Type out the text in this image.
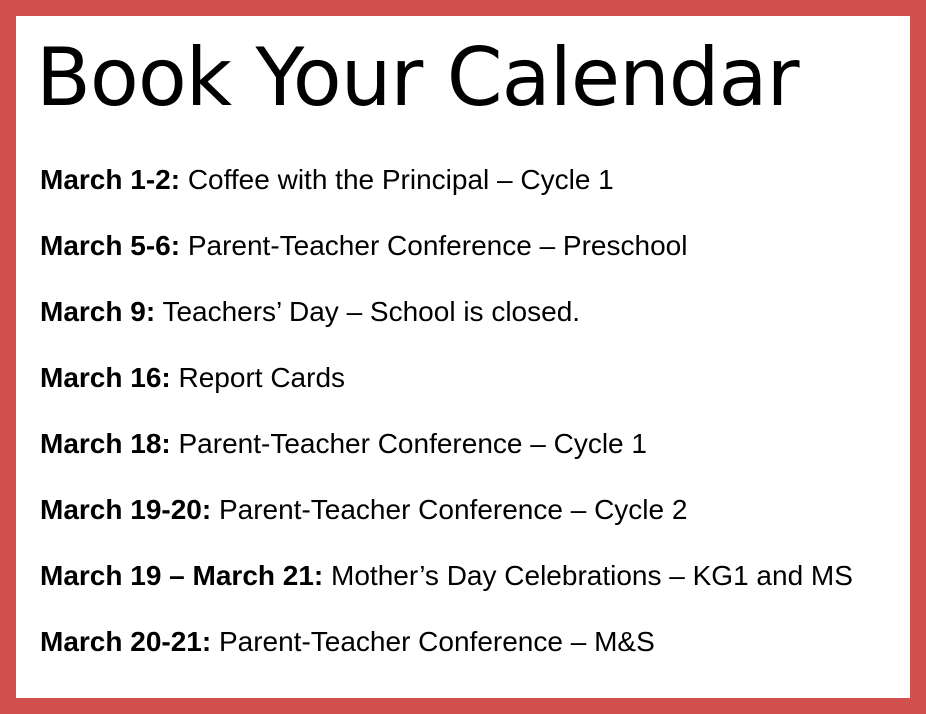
Book Your Calendar
March 1-2: Coffee with the Principal – Cycle 1
March 5-6: Parent-Teacher Conference – Preschool
March 9: Teachers’ Day – School is closed.
March 16: Report Cards
March 18: Parent-Teacher Conference – Cycle 1
March 19-20: Parent-Teacher Conference – Cycle 2
March 19 – March 21: Mother’s Day Celebrations – KG1 and MS
March 20-21: Parent-Teacher Conference – M&S
